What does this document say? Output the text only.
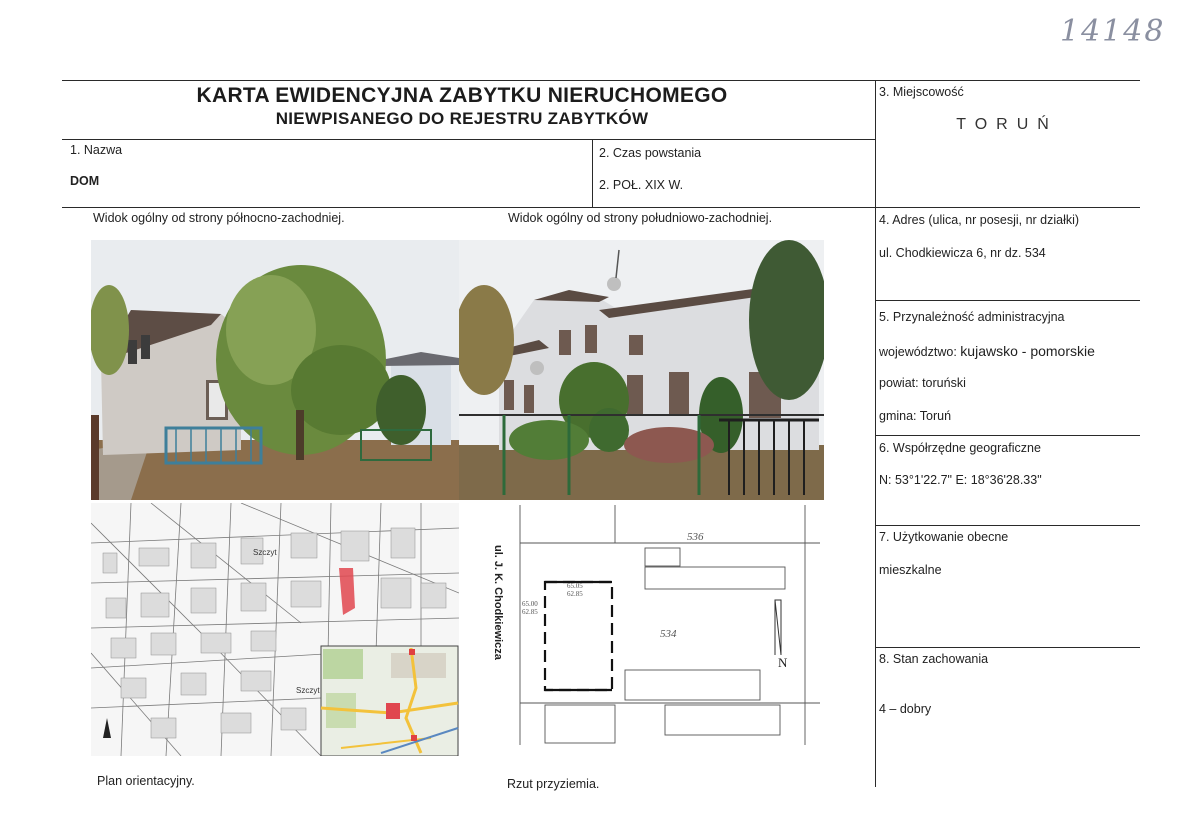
14148
KARTA EWIDENCYJNA ZABYTKU NIERUCHOMEGO
NIEWPISANEGO DO REJESTRU ZABYTKÓW
1. Nazwa
DOM
2. Czas powstania
2. POŁ. XIX W.
3. Miejscowość
TORUŃ
4. Adres (ulica, nr posesji, nr działki)
ul. Chodkiewicza 6, nr dz. 534
5. Przynależność administracyjna
województwo: kujawsko - pomorskie
powiat: toruński
gmina: Toruń
6. Współrzędne geograficzne
N: 53°1'22.7" E: 18°36'28.33"
7. Użytkowanie obecne
mieszkalne
8. Stan zachowania
4 – dobry
Widok ogólny od strony północno-zachodniej.	Widok ogólny od strony południowo-zachodniej.
Szczyt
Szczyt
536
534
N
65.05
62.85
65.00
62.85
ul. J. K. Chodkiewicza
Plan orientacyjny.	Rzut przyziemia.
